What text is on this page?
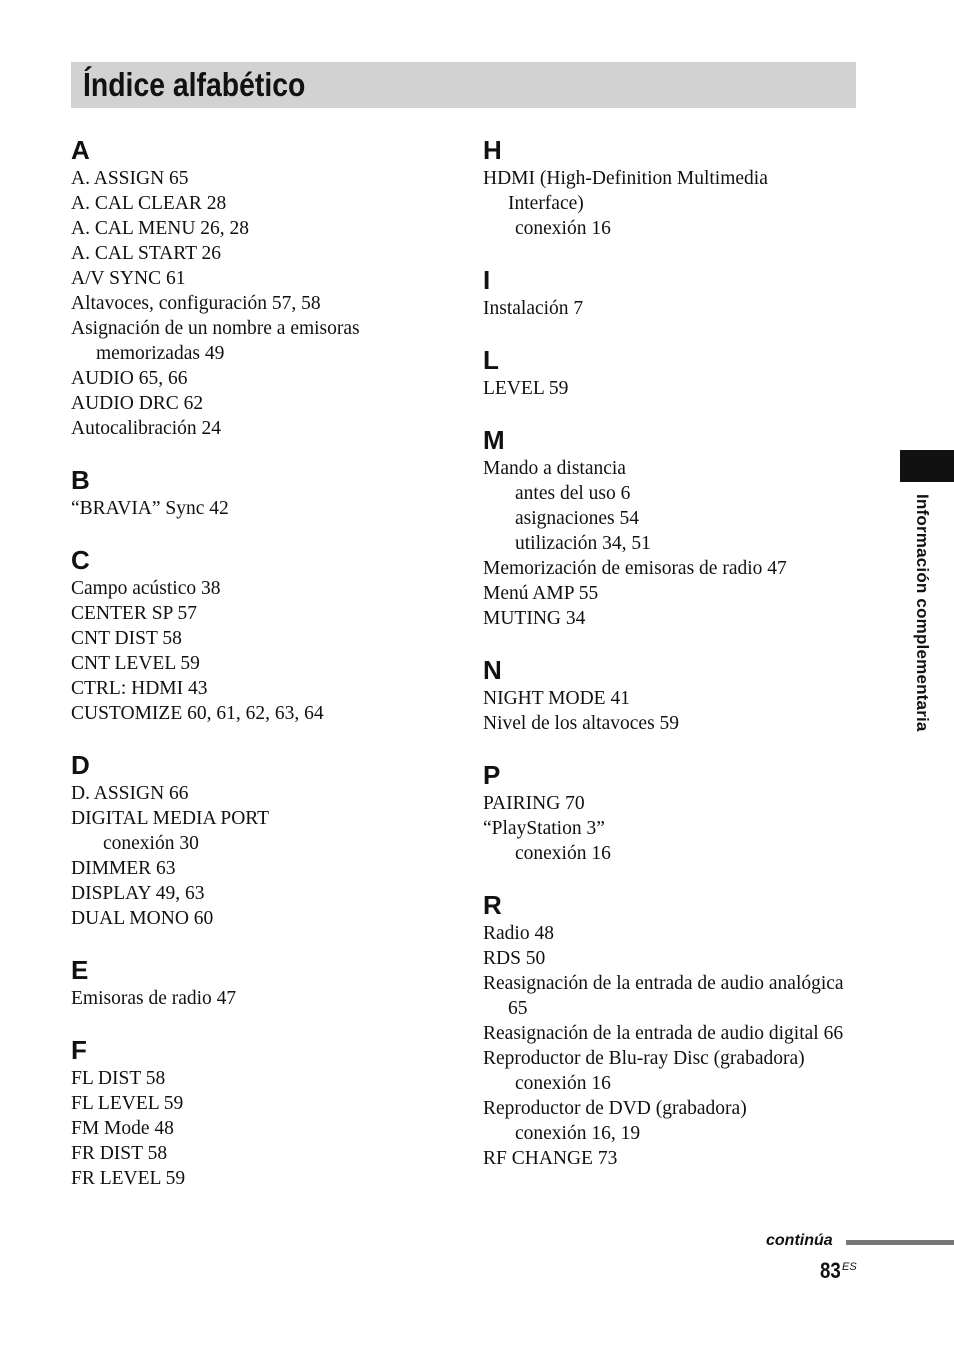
Índice alfabético
A
A. ASSIGN 65
A. CAL CLEAR 28
A. CAL MENU 26, 28
A. CAL START 26
A/V SYNC 61
Altavoces, configuración 57, 58
Asignación de un nombre a emisoras
memorizadas 49
AUDIO 65, 66
AUDIO DRC 62
Autocalibración 24
B
“BRAVIA” Sync 42
C
Campo acústico 38
CENTER SP 57
CNT DIST 58
CNT LEVEL 59
CTRL: HDMI 43
CUSTOMIZE 60, 61, 62, 63, 64
D
D. ASSIGN 66
DIGITAL MEDIA PORT
conexión 30
DIMMER 63
DISPLAY 49, 63
DUAL MONO 60
E
Emisoras de radio 47
F
FL DIST 58
FL LEVEL 59
FM Mode 48
FR DIST 58
FR LEVEL 59
H
HDMI (High-Definition Multimedia
Interface)
conexión 16
I
Instalación 7
L
LEVEL 59
M
Mando a distancia
antes del uso 6
asignaciones 54
utilización 34, 51
Memorización de emisoras de radio 47
Menú AMP 55
MUTING 34
N
NIGHT MODE 41
Nivel de los altavoces 59
P
PAIRING 70
“PlayStation 3”
conexión 16
R
Radio 48
RDS 50
Reasignación de la entrada de audio analógica
65
Reasignación de la entrada de audio digital 66
Reproductor de Blu-ray Disc (grabadora)
conexión 16
Reproductor de DVD (grabadora)
conexión 16, 19
RF CHANGE 73
Información complementaria
continúa
83 ES
